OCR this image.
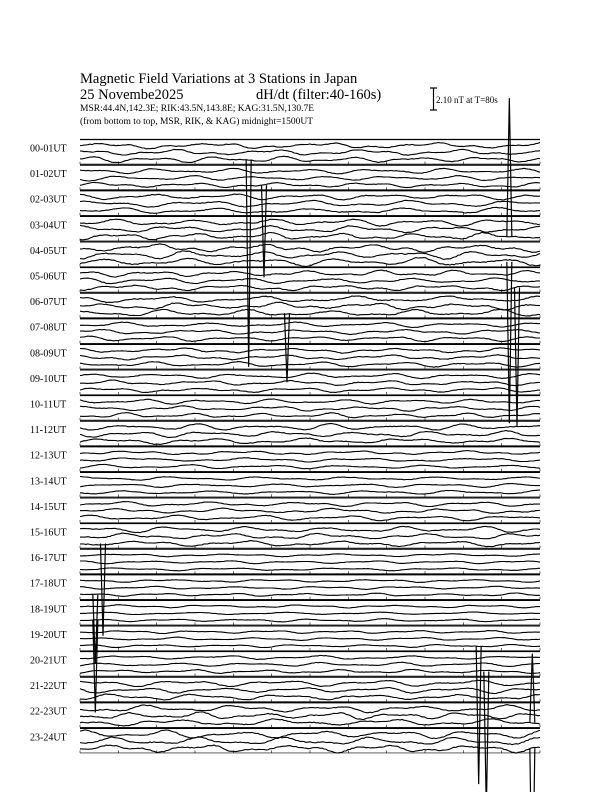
Magnetic Field Variations at 3 Stations in Japan
25 Novembe2025	dH/dt (filter:40-160s)
MSR:44.4N,142.3E; RIK:43.5N,143.8E; KAG:31.5N,130.7E
(from bottom to top, MSR, RIK, & KAG) midnight=1500UT
2.10 nT at T=80s
00-01UT
01-02UT
02-03UT
03-04UT
04-05UT
05-06UT
06-07UT
07-08UT
08-09UT
09-10UT
10-11UT
11-12UT
12-13UT
13-14UT
14-15UT
15-16UT
16-17UT
17-18UT
18-19UT
19-20UT
20-21UT
21-22UT
22-23UT
23-24UT
